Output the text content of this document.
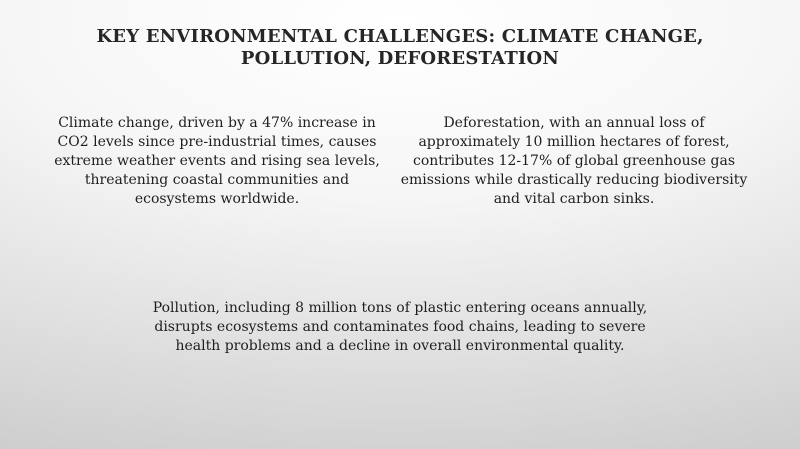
KEY ENVIRONMENTAL CHALLENGES: CLIMATE CHANGE, POLLUTION, DEFORESTATION
Climate change, driven by a 47% increase in CO2 levels since pre-industrial times, causes extreme weather events and rising sea levels, threatening coastal communities and ecosystems worldwide.
Deforestation, with an annual loss of approximately 10 million hectares of forest, contributes 12-17% of global greenhouse gas emissions while drastically reducing biodiversity and vital carbon sinks.
Pollution, including 8 million tons of plastic entering oceans annually, disrupts ecosystems and contaminates food chains, leading to severe health problems and a decline in overall environmental quality.
